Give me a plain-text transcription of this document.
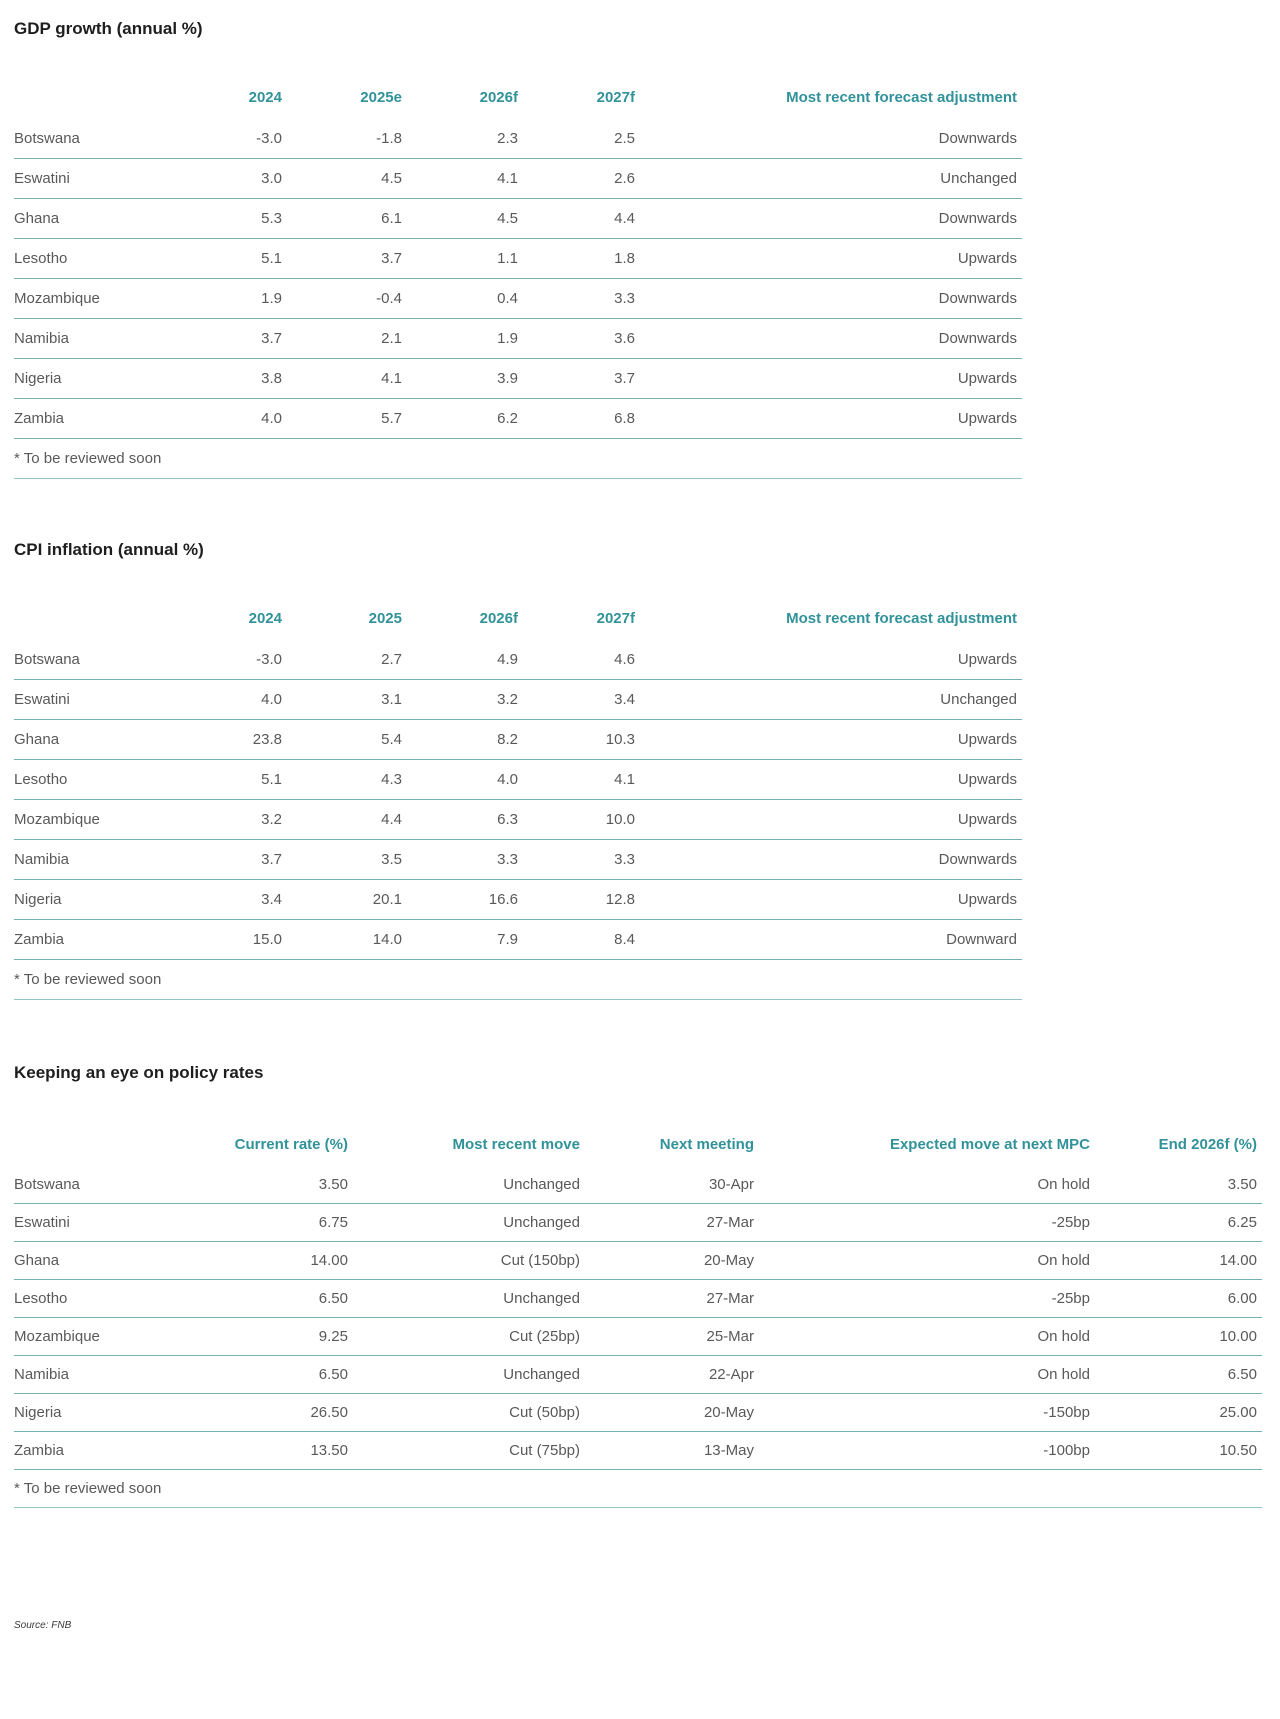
GDP growth (annual %)
	2024	2025e	2026f	2027f	Most recent forecast adjustment
Botswana	-3.0	-1.8	2.3	2.5	Downwards
Eswatini	3.0	4.5	4.1	2.6	Unchanged
Ghana	5.3	6.1	4.5	4.4	Downwards
Lesotho	5.1	3.7	1.1	1.8	Upwards
Mozambique	1.9	-0.4	0.4	3.3	Downwards
Namibia	3.7	2.1	1.9	3.6	Downwards
Nigeria	3.8	4.1	3.9	3.7	Upwards
Zambia	4.0	5.7	6.2	6.8	Upwards
* To be reviewed soon					
CPI inflation (annual %)
	2024	2025	2026f	2027f	Most recent forecast adjustment
Botswana	-3.0	2.7	4.9	4.6	Upwards
Eswatini	4.0	3.1	3.2	3.4	Unchanged
Ghana	23.8	5.4	8.2	10.3	Upwards
Lesotho	5.1	4.3	4.0	4.1	Upwards
Mozambique	3.2	4.4	6.3	10.0	Upwards
Namibia	3.7	3.5	3.3	3.3	Downwards
Nigeria	3.4	20.1	16.6	12.8	Upwards
Zambia	15.0	14.0	7.9	8.4	Downward
* To be reviewed soon					
Keeping an eye on policy rates
	Current rate (%)	Most recent move	Next meeting	Expected move at next MPC	End 2026f (%)
Botswana	3.50	Unchanged	30-Apr	On hold	3.50
Eswatini	6.75	Unchanged	27-Mar	-25bp	6.25
Ghana	14.00	Cut (150bp)	20-May	On hold	14.00
Lesotho	6.50	Unchanged	27-Mar	-25bp	6.00
Mozambique	9.25	Cut (25bp)	25-Mar	On hold	10.00
Namibia	6.50	Unchanged	22-Apr	On hold	6.50
Nigeria	26.50	Cut (50bp)	20-May	-150bp	25.00
Zambia	13.50	Cut (75bp)	13-May	-100bp	10.50
* To be reviewed soon					
Source: FNB
